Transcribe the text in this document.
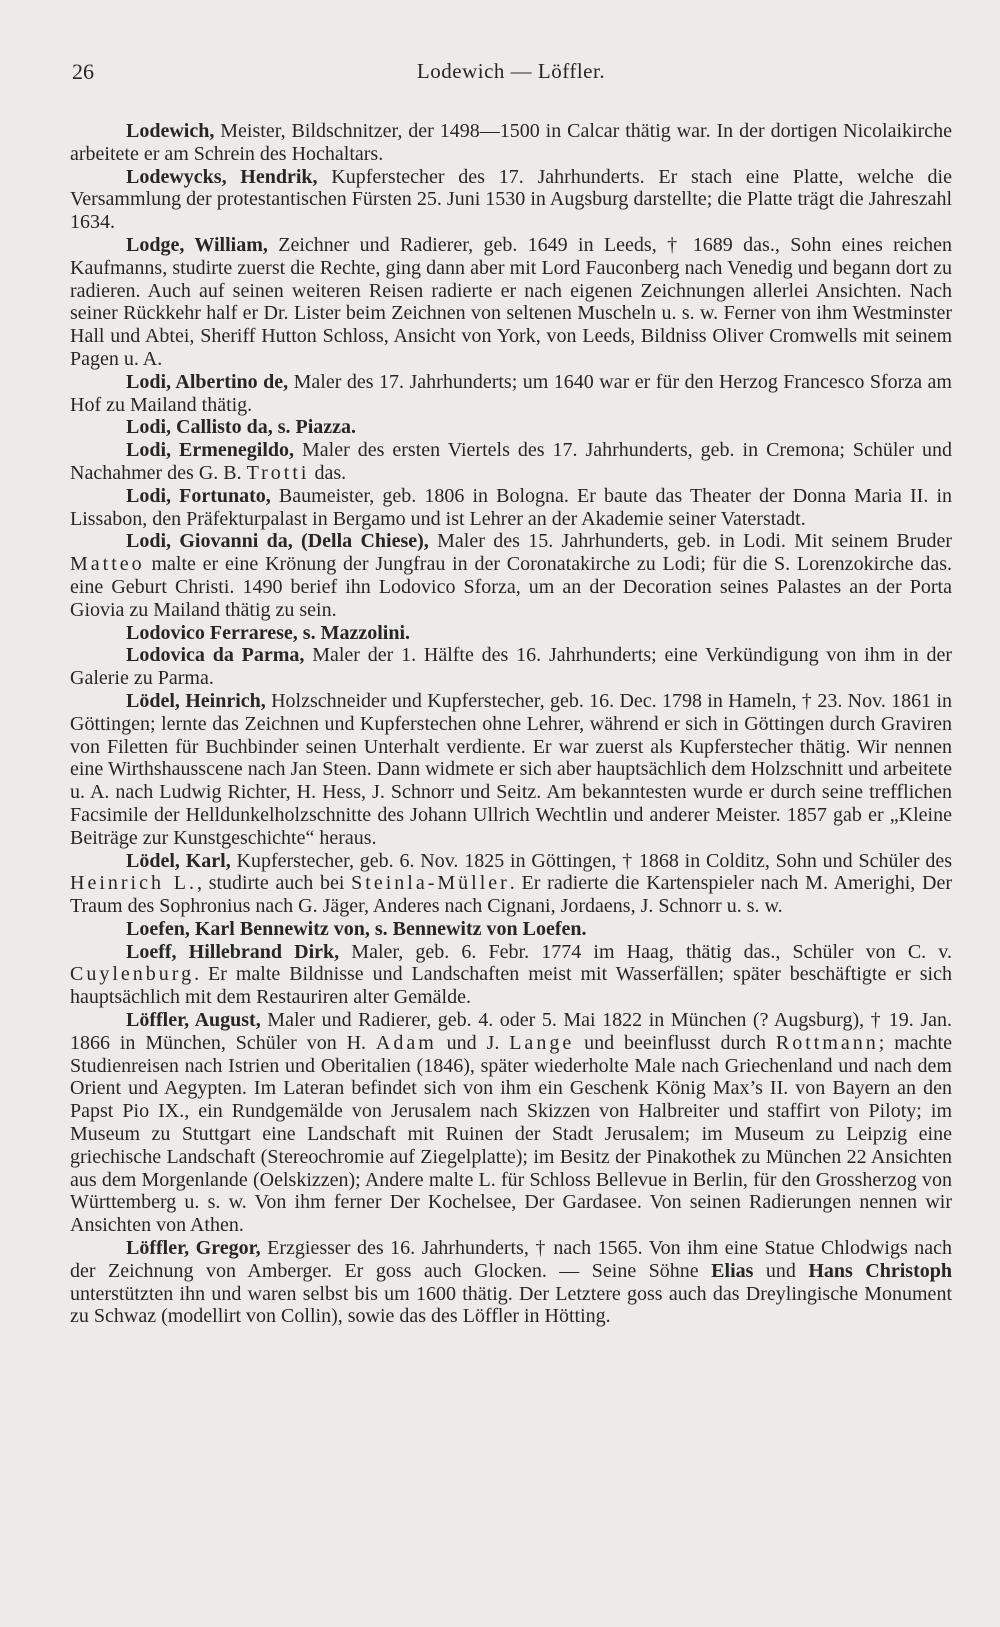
26	Lodewich — Löffler.

Lodewich, Meister, Bildschnitzer, der 1498—1500 in Calcar thätig war. In der dortigen Nicolaikirche arbeitete er am Schrein des Hochaltars.

Lodewycks, Hendrik, Kupferstecher des 17. Jahrhunderts. Er stach eine Platte, welche die Versammlung der protestantischen Fürsten 25. Juni 1530 in Augsburg darstellte; die Platte trägt die Jahreszahl 1634.

Lodge, William, Zeichner und Radierer, geb. 1649 in Leeds, † 1689 das., Sohn eines reichen Kaufmanns, studirte zuerst die Rechte, ging dann aber mit Lord Fauconberg nach Venedig und begann dort zu radieren. Auch auf seinen weiteren Reisen radierte er nach eigenen Zeichnungen allerlei Ansichten. Nach seiner Rückkehr half er Dr. Lister beim Zeichnen von seltenen Muscheln u. s. w. Ferner von ihm Westminster Hall und Abtei, Sheriff Hutton Schloss, Ansicht von York, von Leeds, Bildniss Oliver Cromwells mit seinem Pagen u. A.

Lodi, Albertino de, Maler des 17. Jahrhunderts; um 1640 war er für den Herzog Francesco Sforza am Hof zu Mailand thätig.

Lodi, Callisto da, s. Piazza.

Lodi, Ermenegildo, Maler des ersten Viertels des 17. Jahrhunderts, geb. in Cremona; Schüler und Nachahmer des G. B. Trotti das.

Lodi, Fortunato, Baumeister, geb. 1806 in Bologna. Er baute das Theater der Donna Maria II. in Lissabon, den Präfekturpalast in Bergamo und ist Lehrer an der Akademie seiner Vaterstadt.

Lodi, Giovanni da, (Della Chiese), Maler des 15. Jahrhunderts, geb. in Lodi. Mit seinem Bruder Matteo malte er eine Krönung der Jungfrau in der Coronatakirche zu Lodi; für die S. Lorenzokirche das. eine Geburt Christi. 1490 berief ihn Lodovico Sforza, um an der Decoration seines Palastes an der Porta Giovia zu Mailand thätig zu sein.

Lodovico Ferrarese, s. Mazzolini.

Lodovica da Parma, Maler der 1. Hälfte des 16. Jahrhunderts; eine Verkündigung von ihm in der Galerie zu Parma.

Lödel, Heinrich, Holzschneider und Kupferstecher, geb. 16. Dec. 1798 in Hameln, † 23. Nov. 1861 in Göttingen; lernte das Zeichnen und Kupferstechen ohne Lehrer, während er sich in Göttingen durch Graviren von Filetten für Buchbinder seinen Unterhalt verdiente. Er war zuerst als Kupferstecher thätig. Wir nennen eine Wirthshausscene nach Jan Steen. Dann widmete er sich aber hauptsächlich dem Holzschnitt und arbeitete u. A. nach Ludwig Richter, H. Hess, J. Schnorr und Seitz. Am bekanntesten wurde er durch seine trefflichen Facsimile der Helldunkelholzschnitte des Johann Ullrich Wechtlin und anderer Meister. 1857 gab er „Kleine Beiträge zur Kunstgeschichte“ heraus.

Lödel, Karl, Kupferstecher, geb. 6. Nov. 1825 in Göttingen, † 1868 in Colditz, Sohn und Schüler des Heinrich L., studirte auch bei Steinla-Müller. Er radierte die Kartenspieler nach M. Amerighi, Der Traum des Sophronius nach G. Jäger, Anderes nach Cignani, Jordaens, J. Schnorr u. s. w.

Loefen, Karl Bennewitz von, s. Bennewitz von Loefen.

Loeff, Hillebrand Dirk, Maler, geb. 6. Febr. 1774 im Haag, thätig das., Schüler von C. v. Cuylenburg. Er malte Bildnisse und Landschaften meist mit Wasserfällen; später beschäftigte er sich hauptsächlich mit dem Restauriren alter Gemälde.

Löffler, August, Maler und Radierer, geb. 4. oder 5. Mai 1822 in München (? Augsburg), † 19. Jan. 1866 in München, Schüler von H. Adam und J. Lange und beeinflusst durch Rottmann; machte Studienreisen nach Istrien und Oberitalien (1846), später wiederholte Male nach Griechenland und nach dem Orient und Aegypten. Im Lateran befindet sich von ihm ein Geschenk König Max’s II. von Bayern an den Papst Pio IX., ein Rundgemälde von Jerusalem nach Skizzen von Halbreiter und staffirt von Piloty; im Museum zu Stuttgart eine Landschaft mit Ruinen der Stadt Jerusalem; im Museum zu Leipzig eine griechische Landschaft (Stereochromie auf Ziegelplatte); im Besitz der Pinakothek zu München 22 Ansichten aus dem Morgenlande (Oelskizzen); Andere malte L. für Schloss Bellevue in Berlin, für den Grossherzog von Württemberg u. s. w. Von ihm ferner Der Kochelsee, Der Gardasee. Von seinen Radierungen nennen wir Ansichten von Athen.

Löffler, Gregor, Erzgiesser des 16. Jahrhunderts, † nach 1565. Von ihm eine Statue Chlodwigs nach der Zeichnung von Amberger. Er goss auch Glocken. — Seine Söhne Elias und Hans Christoph unterstützten ihn und waren selbst bis um 1600 thätig. Der Letztere goss auch das Dreylingische Monument zu Schwaz (modellirt von Collin), sowie das des Löffler in Hötting.
